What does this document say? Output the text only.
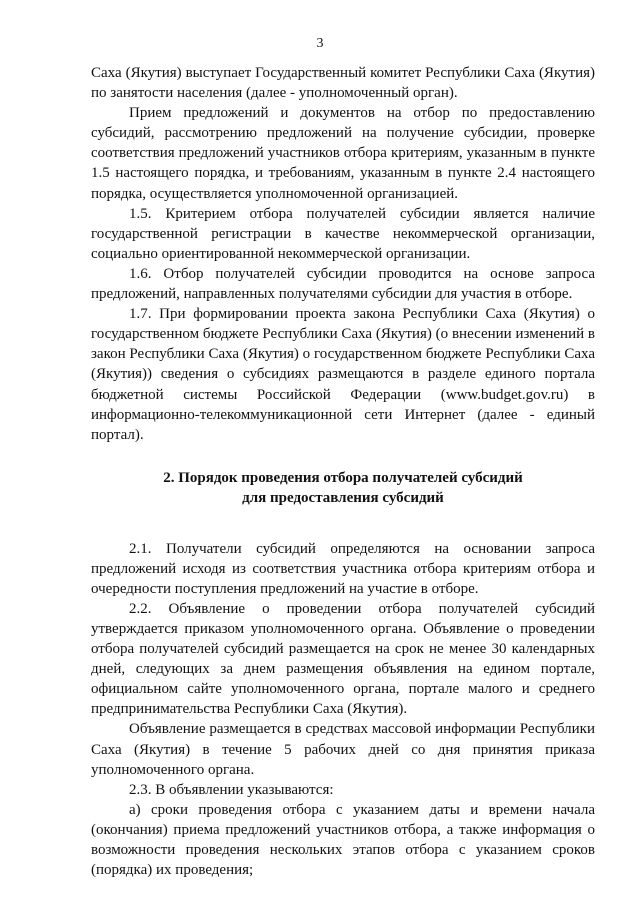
3

Саха (Якутия) выступает Государственный комитет Республики Саха (Якутия) по занятости населения (далее - уполномоченный орган).

Прием предложений и документов на отбор по предоставлению субсидий, рассмотрению предложений на получение субсидии, проверке соответствия предложений участников отбора критериям, указанным в пункте 1.5 настоящего порядка, и требованиям, указанным в пункте 2.4 настоящего порядка, осуществляется уполномоченной организацией.

1.5. Критерием отбора получателей субсидии является наличие государственной регистрации в качестве некоммерческой организации, социально ориентированной некоммерческой организации.

1.6. Отбор получателей субсидии проводится на основе запроса предложений, направленных получателями субсидии для участия в отборе.

1.7. При формировании проекта закона Республики Саха (Якутия) о государственном бюджете Республики Саха (Якутия) (о внесении изменений в закон Республики Саха (Якутия) о государственном бюджете Республики Саха (Якутия)) сведения о субсидиях размещаются в разделе единого портала бюджетной системы Российской Федерации (www.budget.gov.ru) в информационно-телекоммуникационной сети Интернет (далее - единый портал).

2. Порядок проведения отбора получателей субсидий
для предоставления субсидий

2.1. Получатели субсидий определяются на основании запроса предложений исходя из соответствия участника отбора критериям отбора и очередности поступления предложений на участие в отборе.

2.2. Объявление о проведении отбора получателей субсидий утверждается приказом уполномоченного органа. Объявление о проведении отбора получателей субсидий размещается на срок не менее 30 календарных дней, следующих за днем размещения объявления на едином портале, официальном сайте уполномоченного органа, портале малого и среднего предпринимательства Республики Саха (Якутия).

Объявление размещается в средствах массовой информации Республики Саха (Якутия) в течение 5 рабочих дней со дня принятия приказа уполномоченного органа.

2.3. В объявлении указываются:

а) сроки проведения отбора с указанием даты и времени начала (окончания) приема предложений участников отбора, а также информация о возможности проведения нескольких этапов отбора с указанием сроков (порядка) их проведения;
